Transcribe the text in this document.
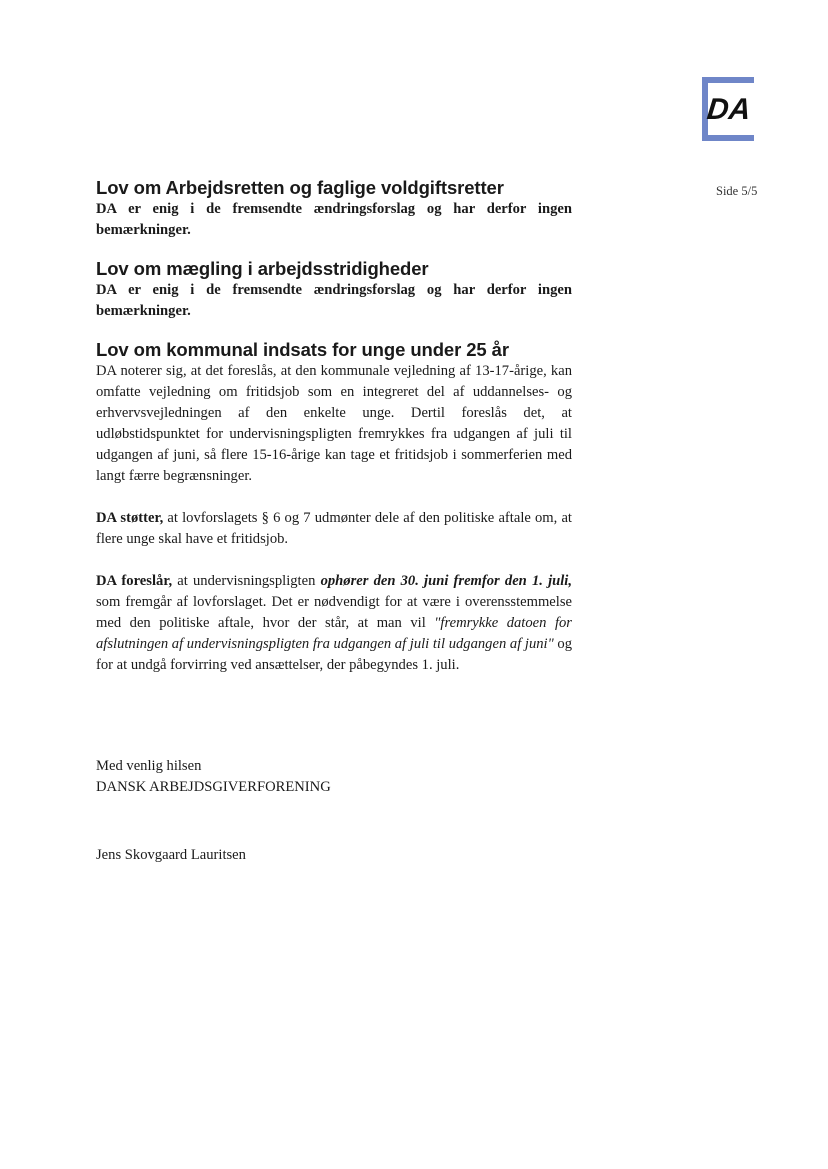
DA
Side 5/5
Lov om Arbejdsretten og faglige voldgiftsretter

DA er enig i de fremsendte ændringsforslag og har derfor ingen bemærkninger.

Lov om mægling i arbejdsstridigheder

DA er enig i de fremsendte ændringsforslag og har derfor ingen bemærkninger.

Lov om kommunal indsats for unge under 25 år

DA noterer sig, at det foreslås, at den kommunale vejledning af 13-17-årige, kan omfatte vejledning om fritidsjob som en integreret del af uddannelses- og erhvervsvejledningen af den enkelte unge. Dertil foreslås det, at udløbstidspunktet for undervisningspligten fremrykkes fra udgangen af juli til udgangen af juni, så flere 15-16-årige kan tage et fritidsjob i sommerferien med langt færre begrænsninger.

DA støtter, at lovforslagets § 6 og 7 udmønter dele af den politiske aftale om, at flere unge skal have et fritidsjob.

DA foreslår, at undervisningspligten ophører den 30. juni fremfor den 1. juli, som fremgår af lovforslaget. Det er nødvendigt for at være i overensstemmelse med den politiske aftale, hvor der står, at man vil "fremrykke datoen for afslutningen af undervisningspligten fra udgangen af juli til udgangen af juni" og for at undgå forvirring ved ansættelser, der påbegyndes 1. juli.

Med venlig hilsen

DANSK ARBEJDSGIVERFORENING

Jens Skovgaard Lauritsen
